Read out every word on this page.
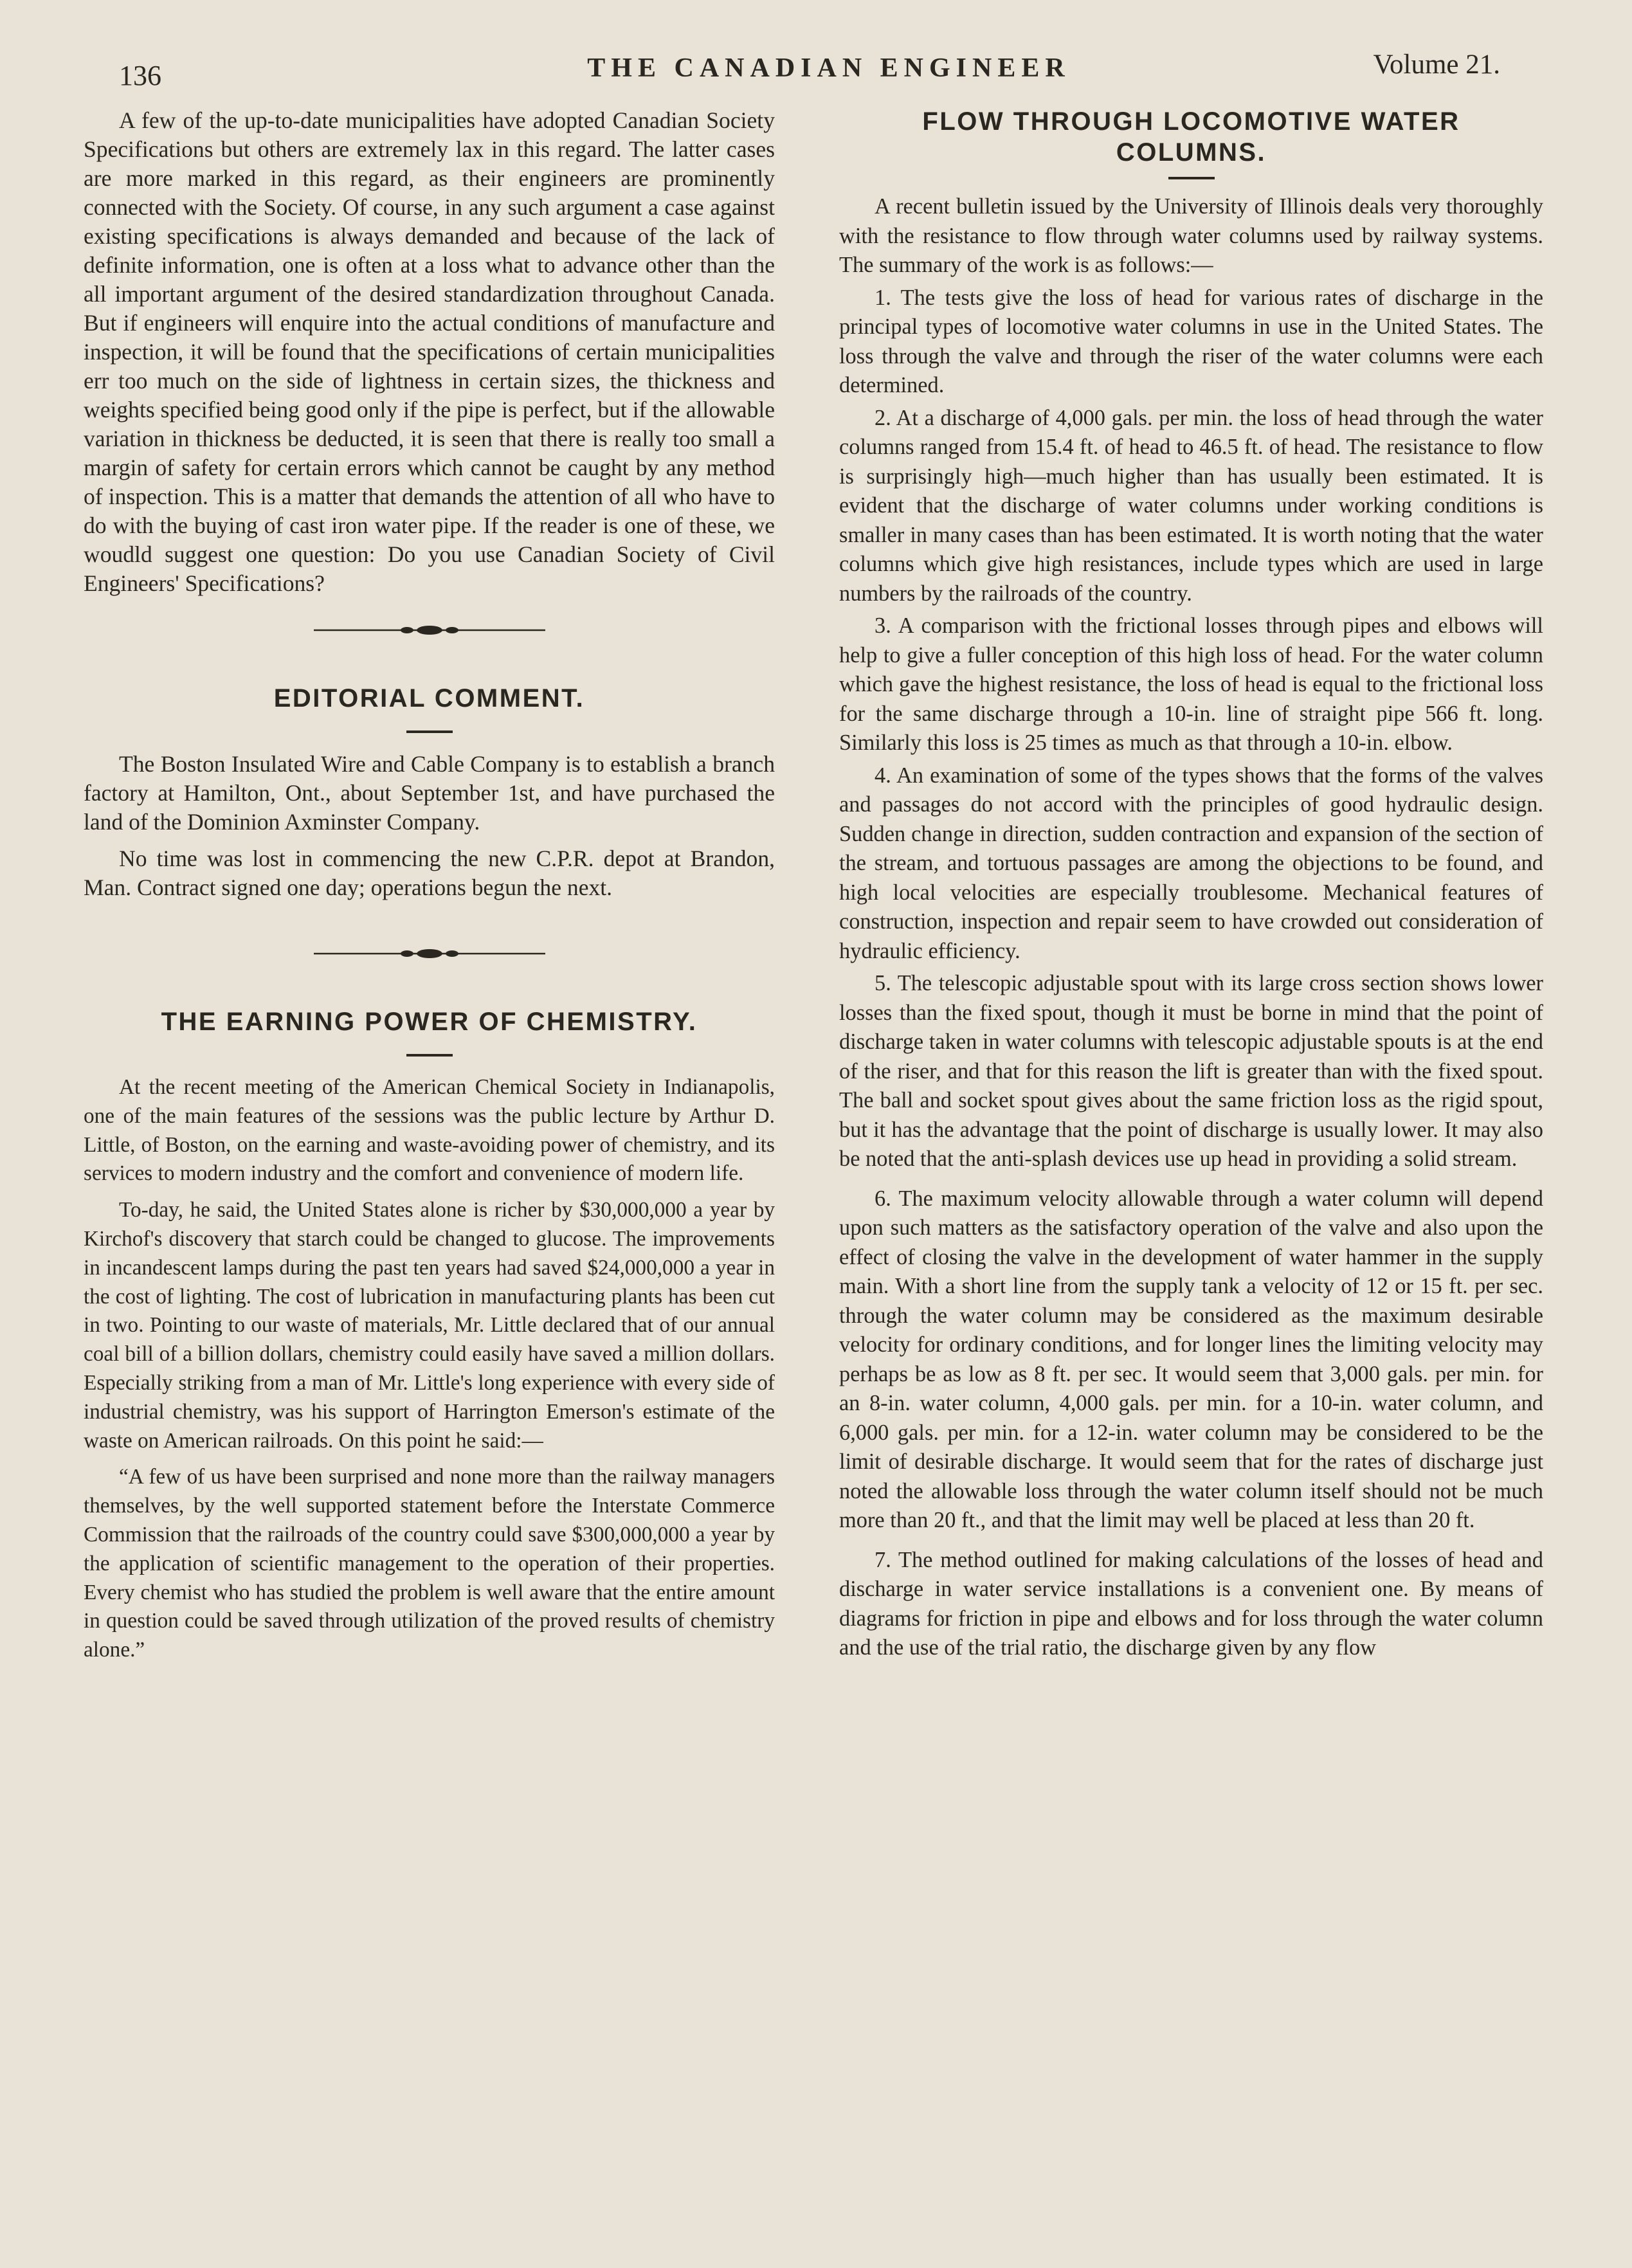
136	THE CANADIAN ENGINEER	Volume 21.

A few of the up-to-date municipalities have adopted Canadian Society Specifications but others are extremely lax in this regard. The latter cases are more marked in this regard, as their engineers are prominently connected with the Society. Of course, in any such argument a case against existing specifications is always demanded and because of the lack of definite information, one is often at a loss what to advance other than the all important argument of the desired standardization throughout Canada. But if engineers will enquire into the actual conditions of manufacture and inspection, it will be found that the specifications of certain municipalities err too much on the side of lightness in certain sizes, the thickness and weights specified being good only if the pipe is perfect, but if the allowable variation in thickness be deducted, it is seen that there is really too small a margin of safety for certain errors which cannot be caught by any method of inspection. This is a matter that demands the attention of all who have to do with the buying of cast iron water pipe. If the reader is one of these, we woudld suggest one question: Do you use Canadian Society of Civil Engineers' Specifications?

EDITORIAL COMMENT.

The Boston Insulated Wire and Cable Company is to establish a branch factory at Hamilton, Ont., about September 1st, and have purchased the land of the Dominion Axminster Company.

No time was lost in commencing the new C.P.R. depot at Brandon, Man. Contract signed one day; operations begun the next.

THE EARNING POWER OF CHEMISTRY.

At the recent meeting of the American Chemical Society in Indianapolis, one of the main features of the sessions was the public lecture by Arthur D. Little, of Boston, on the earning and waste-avoiding power of chemistry, and its services to modern industry and the comfort and convenience of modern life.

To-day, he said, the United States alone is richer by $30,000,000 a year by Kirchof's discovery that starch could be changed to glucose. The improvements in incandescent lamps during the past ten years had saved $24,000,000 a year in the cost of lighting. The cost of lubrication in manufacturing plants has been cut in two. Pointing to our waste of materials, Mr. Little declared that of our annual coal bill of a billion dollars, chemistry could easily have saved a million dollars. Especially striking from a man of Mr. Little's long experience with every side of industrial chemistry, was his support of Harrington Emerson's estimate of the waste on American railroads. On this point he said:—

“A few of us have been surprised and none more than the railway managers themselves, by the well supported statement before the Interstate Commerce Commission that the railroads of the country could save $300,000,000 a year by the application of scientific management to the operation of their properties. Every chemist who has studied the problem is well aware that the entire amount in question could be saved through utilization of the proved results of chemistry alone.”

FLOW THROUGH LOCOMOTIVE WATER COLUMNS.

A recent bulletin issued by the University of Illinois deals very thoroughly with the resistance to flow through water columns used by railway systems. The summary of the work is as follows:—

1. The tests give the loss of head for various rates of discharge in the principal types of locomotive water columns in use in the United States. The loss through the valve and through the riser of the water columns were each determined.

2. At a discharge of 4,000 gals. per min. the loss of head through the water columns ranged from 15.4 ft. of head to 46.5 ft. of head. The resistance to flow is surprisingly high—much higher than has usually been estimated. It is evident that the discharge of water columns under working conditions is smaller in many cases than has been estimated. It is worth noting that the water columns which give high resistances, include types which are used in large numbers by the railroads of the country.

3. A comparison with the frictional losses through pipes and elbows will help to give a fuller conception of this high loss of head. For the water column which gave the highest resistance, the loss of head is equal to the frictional loss for the same discharge through a 10-in. line of straight pipe 566 ft. long. Similarly this loss is 25 times as much as that through a 10-in. elbow.

4. An examination of some of the types shows that the forms of the valves and passages do not accord with the principles of good hydraulic design. Sudden change in direction, sudden contraction and expansion of the section of the stream, and tortuous passages are among the objections to be found, and high local velocities are especially troublesome. Mechanical features of construction, inspection and repair seem to have crowded out consideration of hydraulic efficiency.

5. The telescopic adjustable spout with its large cross section shows lower losses than the fixed spout, though it must be borne in mind that the point of discharge taken in water columns with telescopic adjustable spouts is at the end of the riser, and that for this reason the lift is greater than with the fixed spout. The ball and socket spout gives about the same friction loss as the rigid spout, but it has the advantage that the point of discharge is usually lower. It may also be noted that the anti-splash devices use up head in providing a solid stream.

6. The maximum velocity allowable through a water column will depend upon such matters as the satisfactory operation of the valve and also upon the effect of closing the valve in the development of water hammer in the supply main. With a short line from the supply tank a velocity of 12 or 15 ft. per sec. through the water column may be considered as the maximum desirable velocity for ordinary conditions, and for longer lines the limiting velocity may perhaps be as low as 8 ft. per sec. It would seem that 3,000 gals. per min. for an 8-in. water column, 4,000 gals. per min. for a 10-in. water column, and 6,000 gals. per min. for a 12-in. water column may be considered to be the limit of desirable discharge. It would seem that for the rates of discharge just noted the allowable loss through the water column itself should not be much more than 20 ft., and that the limit may well be placed at less than 20 ft.

7. The method outlined for making calculations of the losses of head and discharge in water service installations is a convenient one. By means of diagrams for friction in pipe and elbows and for loss through the water column and the use of the trial ratio, the discharge given by any flow
